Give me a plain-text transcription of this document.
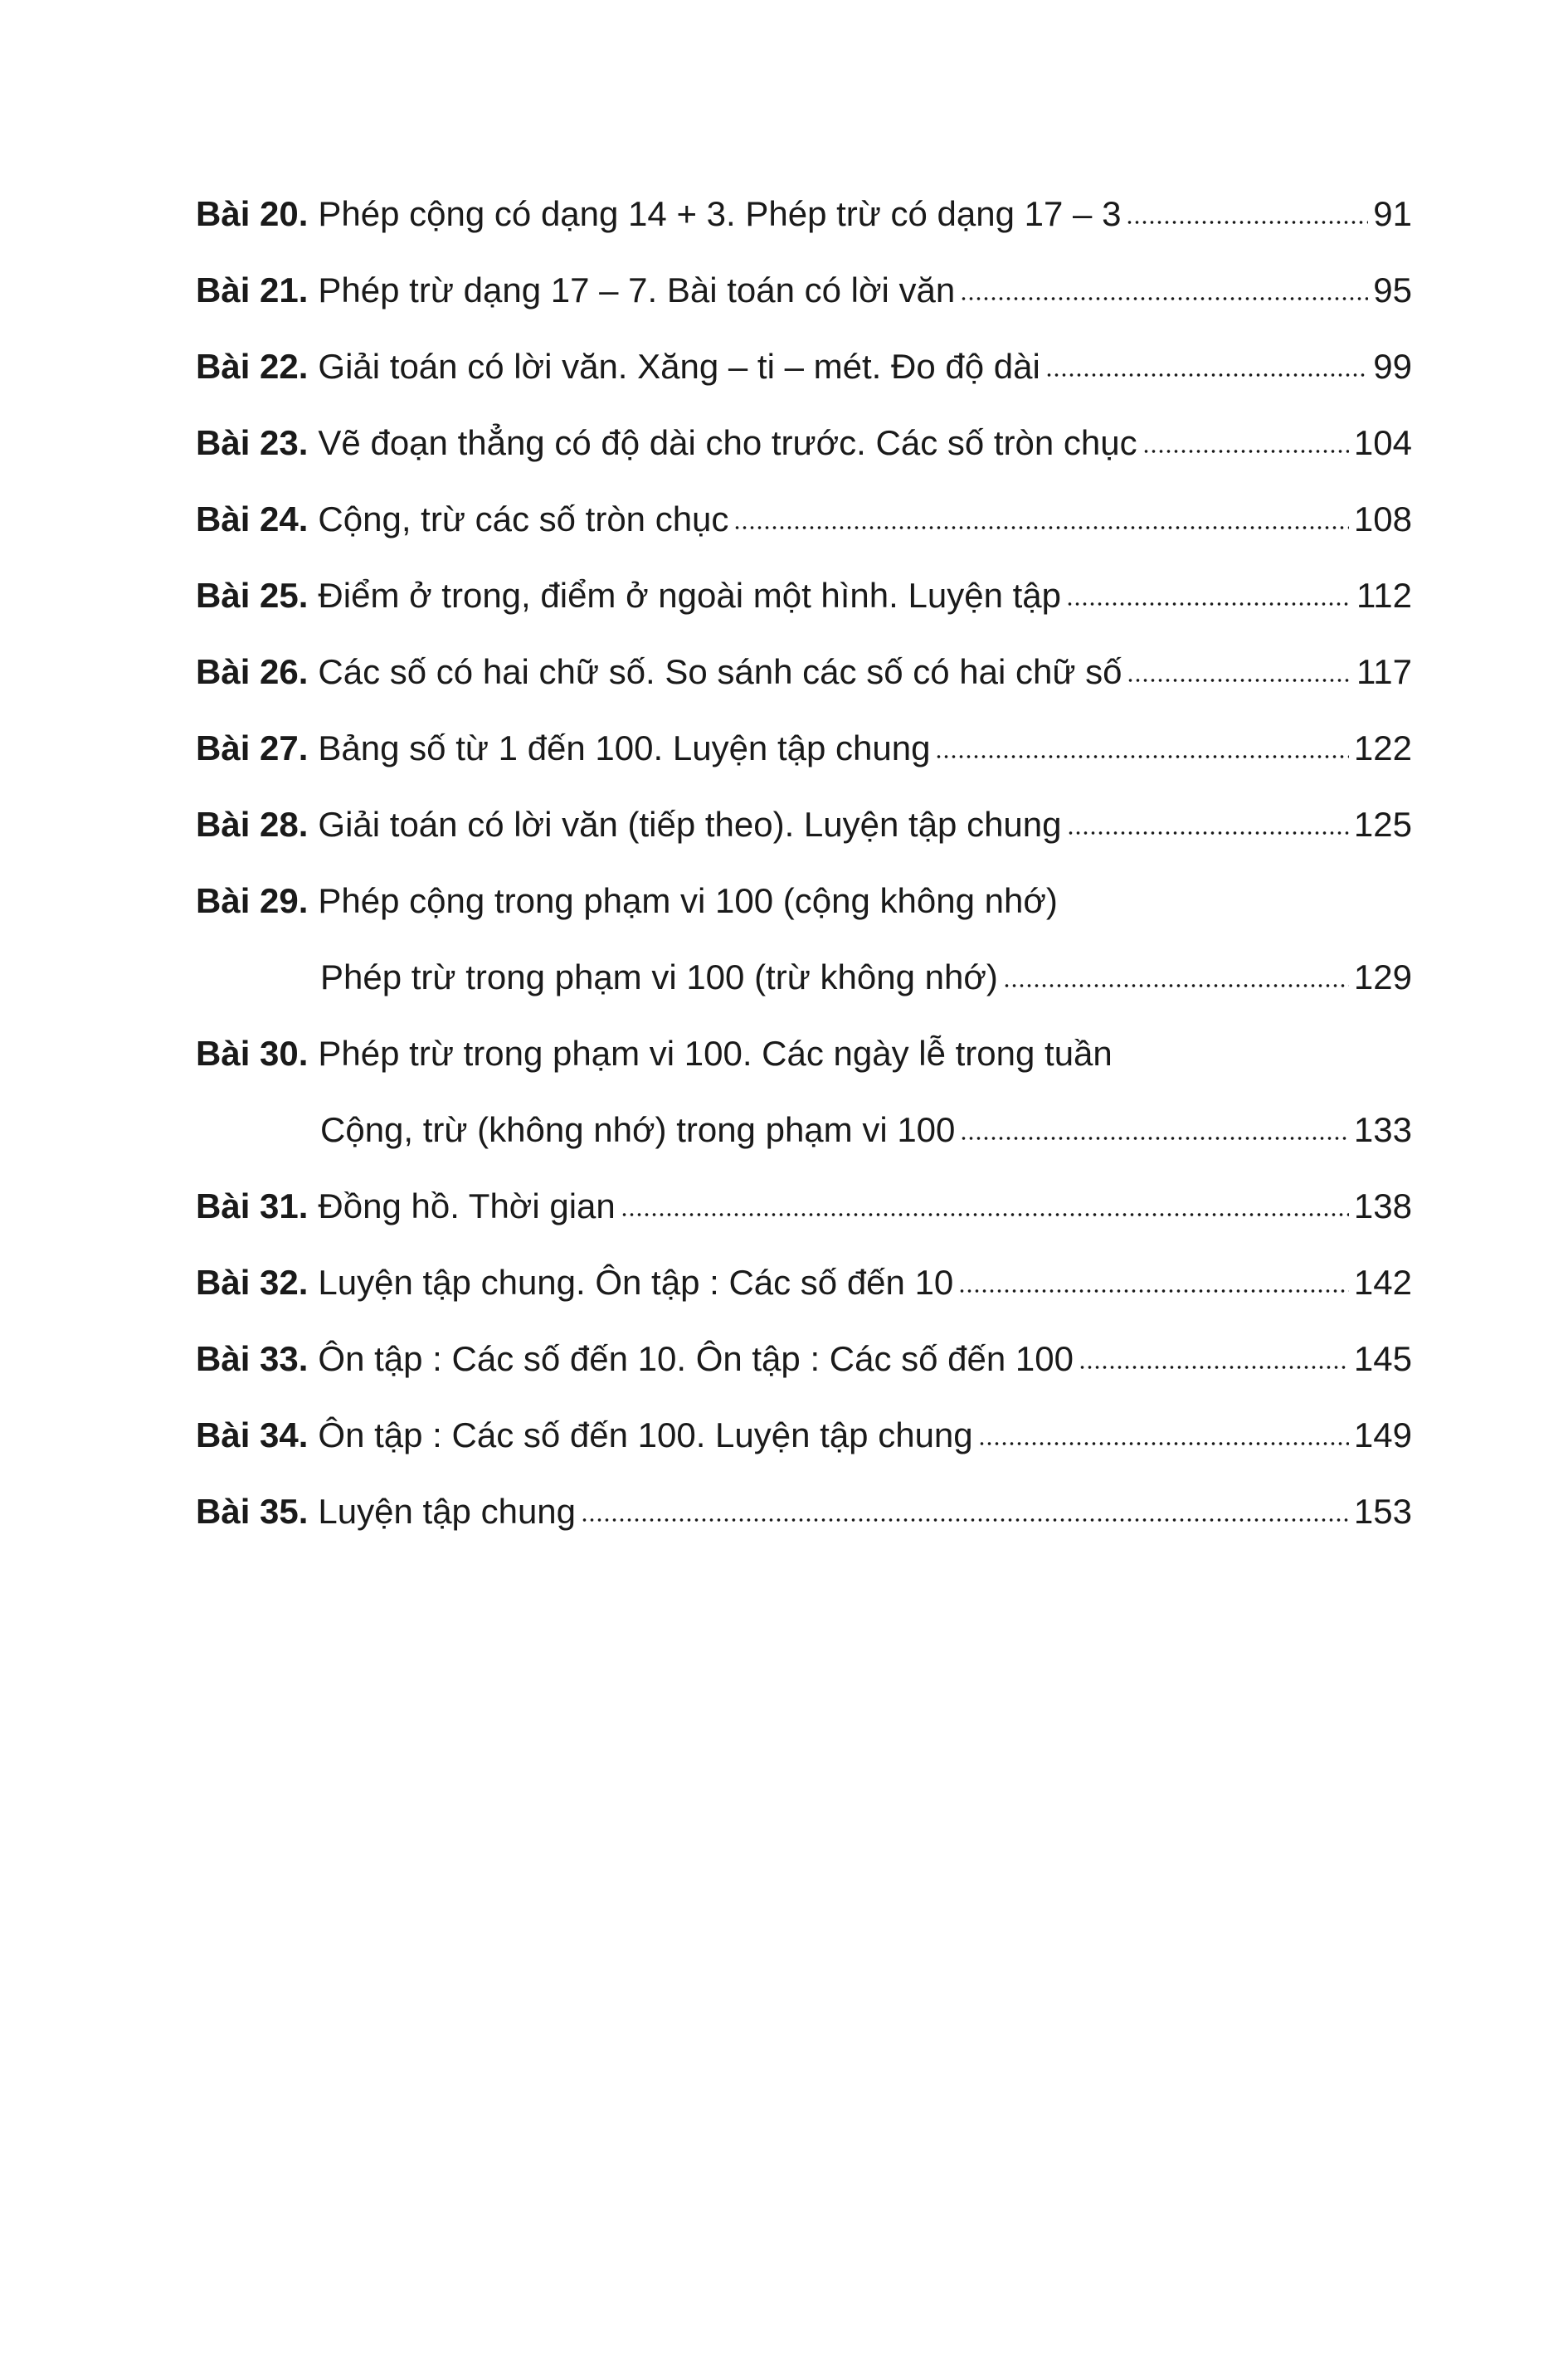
Bài 20. Phép cộng có dạng 14 + 3. Phép trừ có dạng 17 – 3	91
Bài 21. Phép trừ dạng 17 – 7. Bài toán có lời văn	95
Bài 22. Giải toán có lời văn. Xăng – ti – mét. Đo độ dài	99
Bài 23. Vẽ đoạn thẳng có độ dài cho trước. Các số tròn chục	104
Bài 24. Cộng, trừ các số tròn chục	108
Bài 25. Điểm ở trong, điểm ở ngoài một hình. Luyện tập	112
Bài 26. Các số có hai chữ số. So sánh các số có hai chữ số	117
Bài 27. Bảng số từ 1 đến 100. Luyện tập chung	122
Bài 28. Giải toán có lời văn (tiếp theo). Luyện tập chung	125
Bài 29. Phép cộng trong phạm vi 100 (cộng không nhớ)
Phép trừ trong phạm vi 100 (trừ không nhớ)	129
Bài 30. Phép trừ trong phạm vi 100. Các ngày lễ trong tuần
Cộng, trừ (không nhớ) trong phạm vi 100	133
Bài 31. Đồng hồ. Thời gian	138
Bài 32. Luyện tập chung. Ôn tập : Các số đến 10	142
Bài 33. Ôn tập : Các số đến 10. Ôn tập : Các số đến 100	145
Bài 34. Ôn tập : Các số đến 100. Luyện tập chung	149
Bài 35. Luyện tập chung	153
